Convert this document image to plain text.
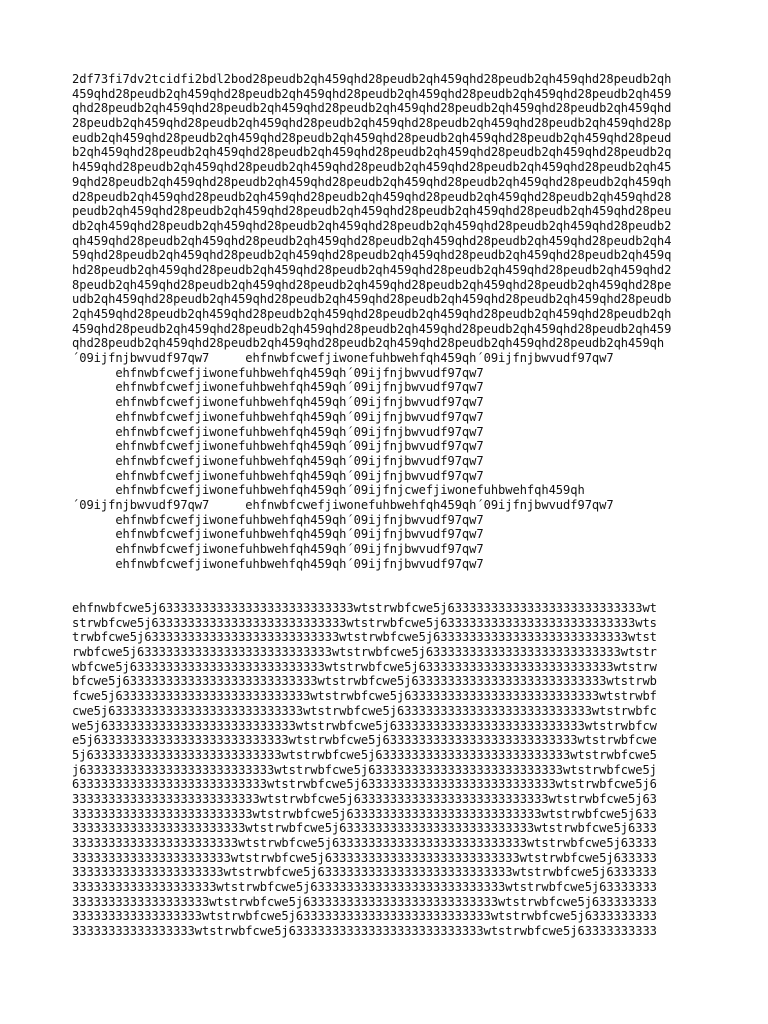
2df73fi7dv2tcidfi2bdl2bod28peudb2qh459qhd28peudb2qh459qhd28peudb2qh459qhd28peudb2qh
459qhd28peudb2qh459qhd28peudb2qh459qhd28peudb2qh459qhd28peudb2qh459qhd28peudb2qh459
qhd28peudb2qh459qhd28peudb2qh459qhd28peudb2qh459qhd28peudb2qh459qhd28peudb2qh459qhd
28peudb2qh459qhd28peudb2qh459qhd28peudb2qh459qhd28peudb2qh459qhd28peudb2qh459qhd28p
eudb2qh459qhd28peudb2qh459qhd28peudb2qh459qhd28peudb2qh459qhd28peudb2qh459qhd28peud
b2qh459qhd28peudb2qh459qhd28peudb2qh459qhd28peudb2qh459qhd28peudb2qh459qhd28peudb2q
h459qhd28peudb2qh459qhd28peudb2qh459qhd28peudb2qh459qhd28peudb2qh459qhd28peudb2qh45
9qhd28peudb2qh459qhd28peudb2qh459qhd28peudb2qh459qhd28peudb2qh459qhd28peudb2qh459qh
d28peudb2qh459qhd28peudb2qh459qhd28peudb2qh459qhd28peudb2qh459qhd28peudb2qh459qhd28
peudb2qh459qhd28peudb2qh459qhd28peudb2qh459qhd28peudb2qh459qhd28peudb2qh459qhd28peu
db2qh459qhd28peudb2qh459qhd28peudb2qh459qhd28peudb2qh459qhd28peudb2qh459qhd28peudb2
qh459qhd28peudb2qh459qhd28peudb2qh459qhd28peudb2qh459qhd28peudb2qh459qhd28peudb2qh4
59qhd28peudb2qh459qhd28peudb2qh459qhd28peudb2qh459qhd28peudb2qh459qhd28peudb2qh459q
hd28peudb2qh459qhd28peudb2qh459qhd28peudb2qh459qhd28peudb2qh459qhd28peudb2qh459qhd2
8peudb2qh459qhd28peudb2qh459qhd28peudb2qh459qhd28peudb2qh459qhd28peudb2qh459qhd28pe
udb2qh459qhd28peudb2qh459qhd28peudb2qh459qhd28peudb2qh459qhd28peudb2qh459qhd28peudb
2qh459qhd28peudb2qh459qhd28peudb2qh459qhd28peudb2qh459qhd28peudb2qh459qhd28peudb2qh
459qhd28peudb2qh459qhd28peudb2qh459qhd28peudb2qh459qhd28peudb2qh459qhd28peudb2qh459
qhd28peudb2qh459qhd28peudb2qh459qhd28peudb2qh459qhd28peudb2qh459qhd28peudb2qh459qh
´09ijfnjbwvudf97qw7     ehfnwbfcwefjiwonefuhbwehfqh459qh´09ijfnjbwvudf97qw7
ehfnwbfcwefjiwonefuhbwehfqh459qh´09ijfnjbwvudf97qw7
ehfnwbfcwefjiwonefuhbwehfqh459qh´09ijfnjbwvudf97qw7
ehfnwbfcwefjiwonefuhbwehfqh459qh´09ijfnjbwvudf97qw7
ehfnwbfcwefjiwonefuhbwehfqh459qh´09ijfnjbwvudf97qw7
ehfnwbfcwefjiwonefuhbwehfqh459qh´09ijfnjbwvudf97qw7
ehfnwbfcwefjiwonefuhbwehfqh459qh´09ijfnjbwvudf97qw7
ehfnwbfcwefjiwonefuhbwehfqh459qh´09ijfnjbwvudf97qw7
ehfnwbfcwefjiwonefuhbwehfqh459qh´09ijfnjbwvudf97qw7
ehfnwbfcwefjiwonefuhbwehfqh459qh´09ijfnjcwefjiwonefuhbwehfqh459qh
´09ijfnjbwvudf97qw7     ehfnwbfcwefjiwonefuhbwehfqh459qh´09ijfnjbwvudf97qw7
ehfnwbfcwefjiwonefuhbwehfqh459qh´09ijfnjbwvudf97qw7
ehfnwbfcwefjiwonefuhbwehfqh459qh´09ijfnjbwvudf97qw7
ehfnwbfcwefjiwonefuhbwehfqh459qh´09ijfnjbwvudf97qw7
ehfnwbfcwefjiwonefuhbwehfqh459qh´09ijfnjbwvudf97qw7
ehfnwbfcwe5j633333333333333333333333333wtstrwbfcwe5j633333333333333333333333333wt
strwbfcwe5j633333333333333333333333333wtstrwbfcwe5j633333333333333333333333333wts
trwbfcwe5j633333333333333333333333333wtstrwbfcwe5j633333333333333333333333333wtst
rwbfcwe5j633333333333333333333333333wtstrwbfcwe5j633333333333333333333333333wtstr
wbfcwe5j633333333333333333333333333wtstrwbfcwe5j633333333333333333333333333wtstrw
bfcwe5j633333333333333333333333333wtstrwbfcwe5j633333333333333333333333333wtstrwb
fcwe5j633333333333333333333333333wtstrwbfcwe5j633333333333333333333333333wtstrwbf
cwe5j633333333333333333333333333wtstrwbfcwe5j633333333333333333333333333wtstrwbfc
we5j633333333333333333333333333wtstrwbfcwe5j633333333333333333333333333wtstrwbfcw
e5j633333333333333333333333333wtstrwbfcwe5j633333333333333333333333333wtstrwbfcwe
5j633333333333333333333333333wtstrwbfcwe5j633333333333333333333333333wtstrwbfcwe5
j633333333333333333333333333wtstrwbfcwe5j633333333333333333333333333wtstrwbfcwe5j
633333333333333333333333333wtstrwbfcwe5j633333333333333333333333333wtstrwbfcwe5j6
33333333333333333333333333wtstrwbfcwe5j633333333333333333333333333wtstrwbfcwe5j63
3333333333333333333333333wtstrwbfcwe5j633333333333333333333333333wtstrwbfcwe5j633
333333333333333333333333wtstrwbfcwe5j633333333333333333333333333wtstrwbfcwe5j6333
33333333333333333333333wtstrwbfcwe5j633333333333333333333333333wtstrwbfcwe5j63333
3333333333333333333333wtstrwbfcwe5j633333333333333333333333333wtstrwbfcwe5j633333
333333333333333333333wtstrwbfcwe5j633333333333333333333333333wtstrwbfcwe5j6333333
33333333333333333333wtstrwbfcwe5j633333333333333333333333333wtstrwbfcwe5j63333333
3333333333333333333wtstrwbfcwe5j633333333333333333333333333wtstrwbfcwe5j633333333
333333333333333333wtstrwbfcwe5j633333333333333333333333333wtstrwbfcwe5j6333333333
33333333333333333wtstrwbfcwe5j633333333333333333333333333wtstrwbfcwe5j63333333333
